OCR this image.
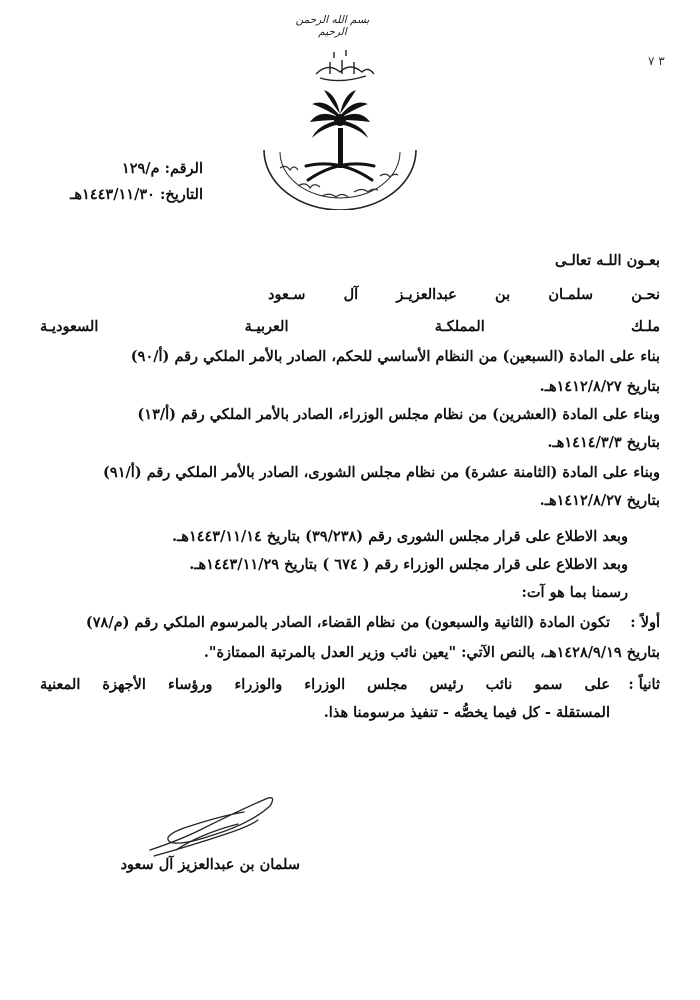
بسم الله الرحمن الرحيم
٣ ٧
الرقم: م/١٢٩
التاريخ: ١٤٤٣/١١/٣٠هـ
بعـون اللـه تعالـى
نحـن سلمـان بن عبدالعزيـز آل سـعود
ملـك المملكـة العربيـة السعوديـة
بناء على المادة (السبعين) من النظام الأساسي للحكم، الصادر بالأمر الملكي رقم (أ/٩٠)
بتاريخ ١٤١٢/٨/٢٧هـ.
وبناء على المادة (العشرين) من نظام مجلس الوزراء، الصادر بالأمر الملكي رقم (أ/١٣)
بتاريخ ١٤١٤/٣/٣هـ.
وبناء على المادة (الثامنة عشرة) من نظام مجلس الشورى، الصادر بالأمر الملكي رقم (أ/٩١)
بتاريخ ١٤١٢/٨/٢٧هـ.
وبعد الاطلاع على قرار مجلس الشورى رقم (٣٩/٢٣٨) بتاريخ ١٤٤٣/١١/١٤هـ.
وبعد الاطلاع على قرار مجلس الوزراء رقم ( ٦٧٤ ) بتاريخ ١٤٤٣/١١/٢٩هـ.
رسمنا بما هو آت:
أولاً :
تكون المادة (الثانية والسبعون) من نظام القضاء، الصادر بالمرسوم الملكي رقم (م/٧٨)
بتاريخ ١٤٢٨/٩/١٩هـ، بالنص الآتي: "يعين نائب وزير العدل بالمرتبة الممتازة".
ثانياً :
على سمو نائب رئيس مجلس الوزراء والوزراء ورؤساء الأجهزة المعنية
المستقلة - كل فيما يخصُّه - تنفيذ مرسومنا هذا.
سلمان بن عبدالعزيز آل سعود
